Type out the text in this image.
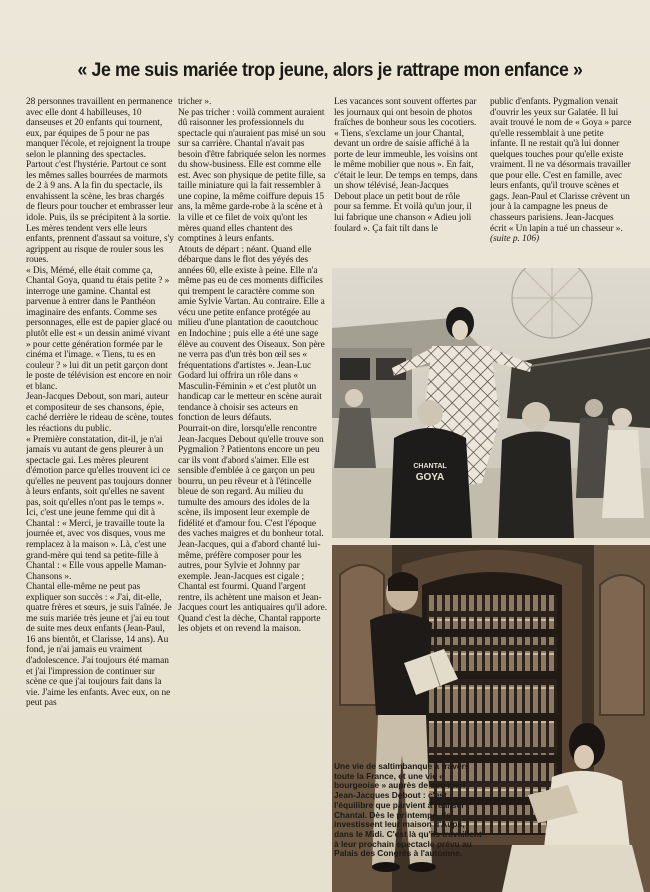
« Je me suis mariée trop jeune, alors je rattrape mon enfance »

28 personnes travaillent en permanence avec elle dont 4 habilleuses, 10 danseuses et 20 enfants qui tournent, eux, par équipes de 5 pour ne pas manquer l'école, et rejoignent la troupe selon le planning des spectacles.

Partout c'est l'hystérie. Partout ce sont les mêmes salles bourrées de marmots de 2 à 9 ans. A la fin du spectacle, ils envahissent la scène, les bras chargés de fleurs pour toucher et embrasser leur idole. Puis, ils se précipitent à la sortie. Les mères tendent vers elle leurs enfants, prennent d'assaut sa voiture, s'y agrippent au risque de rouler sous les roues.

« Dis, Mémé, elle était comme ça, Chantal Goya, quand tu étais petite ? » interroge une gamine. Chantal est parvenue à entrer dans le Panthéon imaginaire des enfants. Comme ses personnages, elle est de papier glacé ou plutôt elle est « un dessin animé vivant » pour cette génération formée par le cinéma et l'image. « Tiens, tu es en couleur ? » lui dit un petit garçon dont le poste de télévision est encore en noir et blanc.

Jean-Jacques Debout, son mari, auteur et compositeur de ses chansons, épie, caché derrière le rideau de scène, toutes les réactions du public.

« Première constatation, dit-il, je n'ai jamais vu autant de gens pleurer à un spectacle gai. Les mères pleurent d'émotion parce qu'elles trouvent ici ce qu'elles ne peuvent pas toujours donner à leurs enfants, soit qu'elles ne savent pas, soit qu'elles n'ont pas le temps ».

Ici, c'est une jeune femme qui dit à Chantal : « Merci, je travaille toute la journée et, avec vos disques, vous me remplacez à la maison ». Là, c'est une grand-mère qui tend sa petite-fille à Chantal : « Elle vous appelle Maman-Chansons ».

Chantal elle-même ne peut pas expliquer son succès : « J'ai, dit-elle, quatre frères et sœurs, je suis l'aînée. Je me suis mariée très jeune et j'ai eu tout de suite mes deux enfants (Jean-Paul, 16 ans bientôt, et Clarisse, 14 ans). Au fond, je n'ai jamais eu vraiment d'adolescence. J'ai toujours été maman et j'ai l'impression de continuer sur scène ce que j'ai toujours fait dans la vie. J'aime les enfants. Avec eux, on ne peut pas

tricher ».

Ne pas tricher : voilà comment auraient dû raisonner les professionnels du spectacle qui n'auraient pas misé un sou sur sa carrière. Chantal n'avait pas besoin d'être fabriquée selon les normes du show-business. Elle est comme elle est. Avec son physique de petite fille, sa taille miniature qui la fait ressembler à une copine, la même coiffure depuis 15 ans, la même garde-robe à la scène et à la ville et ce filet de voix qu'ont les mères quand elles chantent des comptines à leurs enfants.

Atouts de départ : néant. Quand elle débarque dans le flot des yéyés des années 60, elle existe à peine. Elle n'a même pas eu de ces moments difficiles qui trempent le caractère comme son amie Sylvie Vartan. Au contraire. Elle a vécu une petite enfance protégée au milieu d'une plantation de caoutchouc en Indochine ; puis elle a été une sage élève au couvent des Oiseaux. Son père ne verra pas d'un très bon œil ses « fréquentations d'artistes ». Jean-Luc Godard lui offrira un rôle dans « Masculin-Féminin » et c'est plutôt un handicap car le metteur en scène aurait tendance à choisir ses acteurs en fonction de leurs défauts.

Pourrait-on dire, lorsqu'elle rencontre Jean-Jacques Debout qu'elle trouve son Pygmalion ? Patientons encore un peu car ils vont d'abord s'aimer. Elle est sensible d'emblée à ce garçon un peu bourru, un peu rêveur et à l'étincelle bleue de son regard. Au milieu du tumulte des amours des idoles de la scène, ils imposent leur exemple de fidélité et d'amour fou. C'est l'époque des vaches maigres et du bonheur total. Jean-Jacques, qui a d'abord chanté lui-même, préfère composer pour les autres, pour Sylvie et Johnny par exemple. Jean-Jacques est cigale ; Chantal est fourmi. Quand l'argent rentre, ils achètent une maison et Jean-Jacques court les antiquaires qu'il adore. Quand c'est la dèche, Chantal rapporte les objets et on revend la maison.

Les vacances sont souvent offertes par les journaux qui ont besoin de photos fraîches de bonheur sous les cocotiers. « Tiens, s'exclame un jour Chantal, devant un ordre de saisie affiché à la porte de leur immeuble, les voisins ont le même mobilier que nous ». En fait, c'était le leur. De temps en temps, dans un show télévisé, Jean-Jacques Debout place un petit bout de rôle pour sa femme. Et voilà qu'un jour, il lui fabrique une chanson « Adieu joli foulard ». Ça fait tilt dans le
public d'enfants. Pygmalion venait d'ouvrir les yeux sur Galatée. Il lui avait trouvé le nom de « Goya » parce qu'elle ressemblait à une petite infante. Il ne restait qu'à lui donner quelques touches pour qu'elle existe vraiment. Il ne va désormais travailler que pour elle. C'est en famille, avec leurs enfants, qu'il trouve scènes et gags. Jean-Paul et Clarisse crèvent un jour à la campagne les pneus de chasseurs parisiens. Jean-Jacques écrit « Un lapin a tué un chasseur ». (suite p. 106)
CHANTAL
GOYA
Une vie de saltimbanque à travers toute la France, et une vie « bourgeoise » auprès de son mari Jean-Jacques Debout : c'est l'équilibre que parvient à réaliser Chantal. Dès le printemps, ils investissent leur maison d'Aups, dans le Midi. C'est là qu'ils travaillent à leur prochain spectacle prévu au Palais des Congrès à l'automne.
